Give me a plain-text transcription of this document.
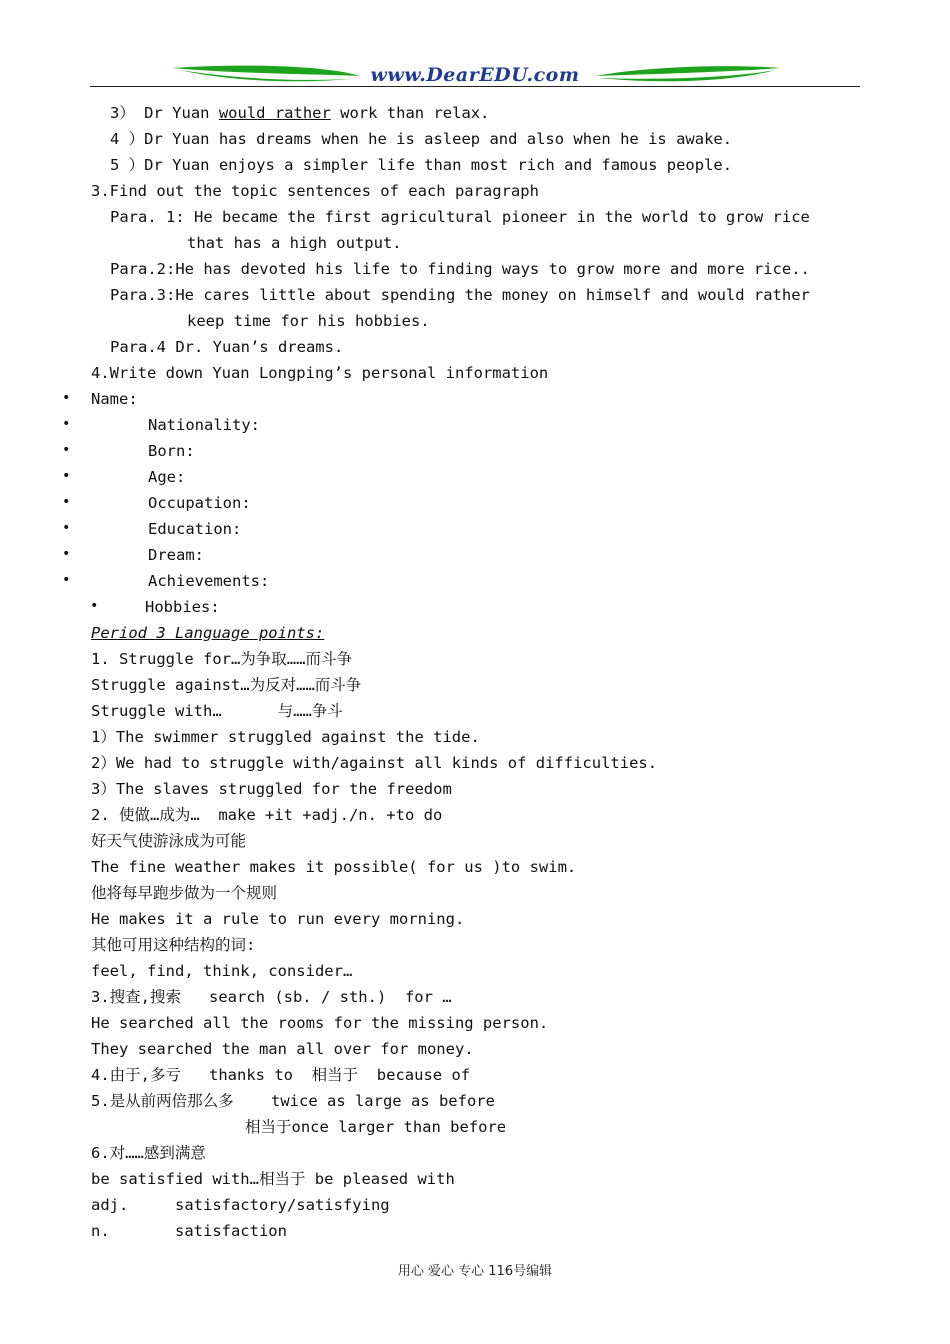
www.DearEDU.com
3） Dr Yuan would rather work than relax.
4 ）Dr Yuan has dreams when he is asleep and also when he is awake.
5 ）Dr Yuan enjoys a simpler life than most rich and famous people.
3.Find out the topic sentences of each paragraph
Para. 1: He became the first agricultural pioneer in the world to grow rice
that has a high output.
Para.2:He has devoted his life to finding ways to grow more and more rice..
Para.3:He cares little about spending the money on himself and would rather
keep time for his hobbies.
Para.4 Dr. Yuan’s dreams.
4.Write down Yuan Longping’s personal information
• Name:
•	Nationality:
•	Born:
•	Age:
•	Occupation:
•	Education:
•	Dream:
•	Achievements:
•	Hobbies:
Period 3 Language points:
1. Struggle for…为争取……而斗争
Struggle against…为反对……而斗争
Struggle with…      与……争斗
1）The swimmer struggled against the tide.
2）We had to struggle with/against all kinds of difficulties.
3）The slaves struggled for the freedom
2. 使做…成为…  make +it +adj./n. +to do
好天气使游泳成为可能
The fine weather makes it possible( for us )to swim.
他将每早跑步做为一个规则
He makes it a rule to run every morning.
其他可用这种结构的词:
feel, find, think, consider…
3.搜查,搜索   search (sb. / sth.)  for …
He searched all the rooms for the missing person.
They searched the man all over for money.
4.由于,多亏   thanks to  相当于  because of
5.是从前两倍那么多    twice as large as before
相当于once larger than before
6.对……感到满意
be satisfied with…相当于 be pleased with
adj.     satisfactory/satisfying
n.       satisfaction
用心 爱心 专心 116号编辑
